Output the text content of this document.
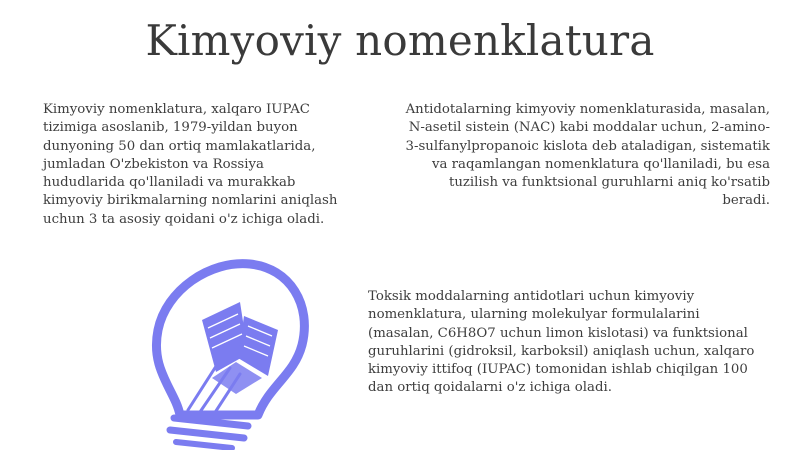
Kimyoviy nomenklatura

Kimyoviy nomenklatura, xalqaro IUPAC tizimiga asoslanib, 1979-yildan buyon dunyoning 50 dan ortiq mamlakatlarida, jumladan O'zbekiston va Rossiya hududlarida qo'llaniladi va murakkab kimyoviy birikmalarning nomlarini aniqlash uchun 3 ta asosiy qoidani o'z ichiga oladi.

Antidotalarning kimyoviy nomenklaturasida, masalan, N-asetil sistein (NAC) kabi moddalar uchun, 2-amino-3-sulfanylpropanoic kislota deb ataladigan, sistematik va raqamlangan nomenklatura qo'llaniladi, bu esa tuzilish va funktsional guruhlarni aniq ko'rsatib beradi.

Toksik moddalarning antidotlari uchun kimyoviy nomenklatura, ularning molekulyar formulalarini (masalan, C6H8O7 uchun limon kislotasi) va funktsional guruhlarini (gidroksil, karboksil) aniqlash uchun, xalqaro kimyoviy ittifoq (IUPAC) tomonidan ishlab chiqilgan 100 dan ortiq qoidalarni o'z ichiga oladi.
